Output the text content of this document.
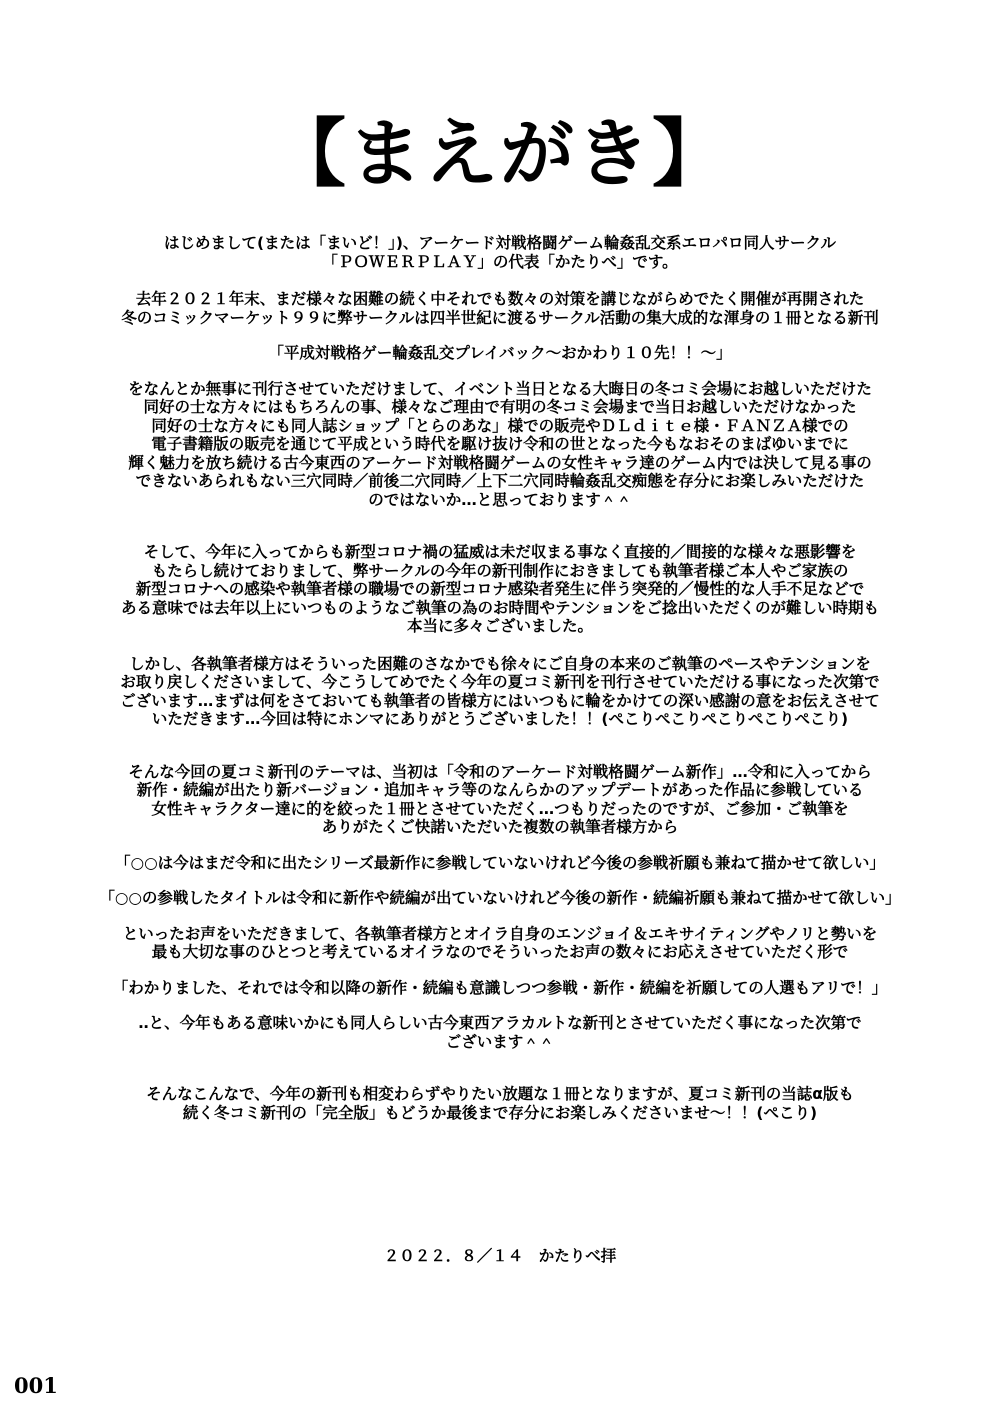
【まえがき】

はじめまして(または「まいど！」)、アーケード対戦格闘ゲーム輪姦乱交系エロパロ同人サークル
「ＰＯＷＥＲＰＬＡＹ」の代表「かたりべ」です。

去年２０２１年末、まだ様々な困難の続く中それでも数々の対策を講じながらめでたく開催が再開された
冬のコミックマーケット９９に弊サークルは四半世紀に渡るサークル活動の集大成的な渾身の１冊となる新刊

「平成対戦格ゲー輪姦乱交プレイバック～おかわり１０先！！～」

をなんとか無事に刊行させていただけまして、イベント当日となる大晦日の冬コミ会場にお越しいただけた
同好の士な方々にはもちろんの事、様々なご理由で有明の冬コミ会場まで当日お越しいただけなかった
同好の士な方々にも同人誌ショップ「とらのあな」様での販売やＤＬｄｉｔｅ様・ＦＡＮＺＡ様での
電子書籍版の販売を通じて平成という時代を駆け抜け令和の世となった今もなおそのまばゆいまでに
輝く魅力を放ち続ける古今東西のアーケード対戦格闘ゲームの女性キャラ達のゲーム内では決して見る事の
できないあられもない三穴同時／前後二穴同時／上下二穴同時輪姦乱交痴態を存分にお楽しみいただけた
のではないか…と思っております＾＾

そして、今年に入ってからも新型コロナ禍の猛威は未だ収まる事なく直接的／間接的な様々な悪影響を
もたらし続けておりまして、弊サークルの今年の新刊制作におきましても執筆者様ご本人やご家族の
新型コロナへの感染や執筆者様の職場での新型コロナ感染者発生に伴う突発的／慢性的な人手不足などで
ある意味では去年以上にいつものようなご執筆の為のお時間やテンションをご捻出いただくのが難しい時期も
本当に多々ございました。

しかし、各執筆者様方はそういった困難のさなかでも徐々にご自身の本来のご執筆のペースやテンションを
お取り戻しくださいまして、今こうしてめでたく今年の夏コミ新刊を刊行させていただける事になった次第で
ございます…まずは何をさておいても執筆者の皆様方にはいつもに輪をかけての深い感謝の意をお伝えさせて
いただきます…今回は特にホンマにありがとうございました！！(ぺこりぺこりぺこりぺこりぺこり)

そんな今回の夏コミ新刊のテーマは、当初は「令和のアーケード対戦格闘ゲーム新作」…令和に入ってから
新作・続編が出たり新バージョン・追加キャラ等のなんらかのアップデートがあった作品に参戦している
女性キャラクター達に的を絞った１冊とさせていただく…つもりだったのですが、ご参加・ご執筆を
ありがたくご快諾いただいた複数の執筆者様方から

「○○は今はまだ令和に出たシリーズ最新作に参戦していないけれど今後の参戦祈願も兼ねて描かせて欲しい」

「○○の参戦したタイトルは令和に新作や続編が出ていないけれど今後の新作・続編祈願も兼ねて描かせて欲しい」

といったお声をいただきまして、各執筆者様方とオイラ自身のエンジョイ＆エキサイティングやノリと勢いを
最も大切な事のひとつと考えているオイラなのでそういったお声の数々にお応えさせていただく形で

「わかりました、それでは令和以降の新作・続編も意識しつつ参戦・新作・続編を祈願しての人選もアリで！」

‥と、今年もある意味いかにも同人らしい古今東西アラカルトな新刊とさせていただく事になった次第で
ございます＾＾

そんなこんなで、今年の新刊も相変わらずやりたい放題な１冊となりますが、夏コミ新刊の当誌α版も
続く冬コミ新刊の「完全版」もどうか最後まで存分にお楽しみくださいませ～！！(ぺこり)

２０２２．８／１４　かたりべ拝
001
